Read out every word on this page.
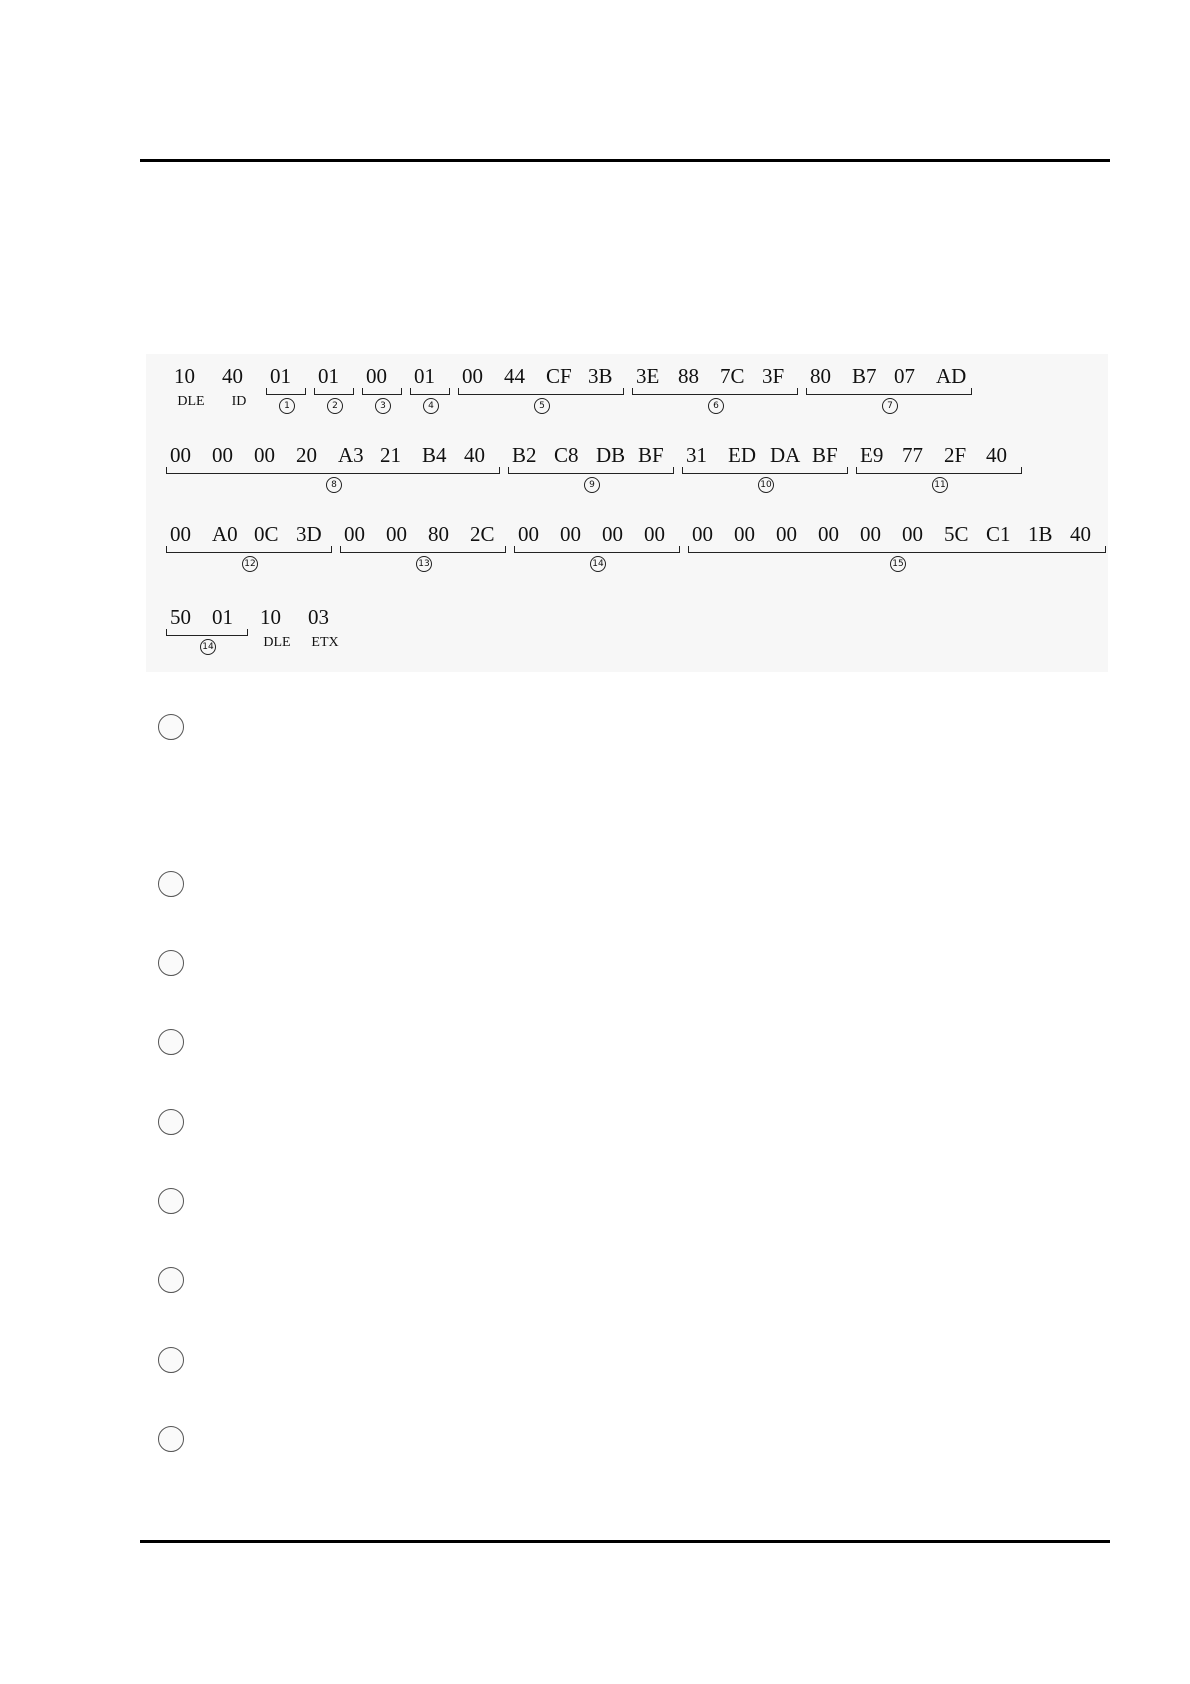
10
DLE
40
ID
01
1
01
2
00
3
01
4
00 44 CF 3B
5
3E 88 7C 3F
6
80 B7 07 AD
7
00 00 00 20 A3 21 B4 40
8
B2 C8 DB BF
9
31 ED DA BF
10
E9 77 2F 40
11
00 A0 0C 3D
12
00 00 80 2C
13
00 00 00 00
14
00 00 00 00 00 00 5C C1 1B 40
15
50 01
14
10
DLE
03
ETX
